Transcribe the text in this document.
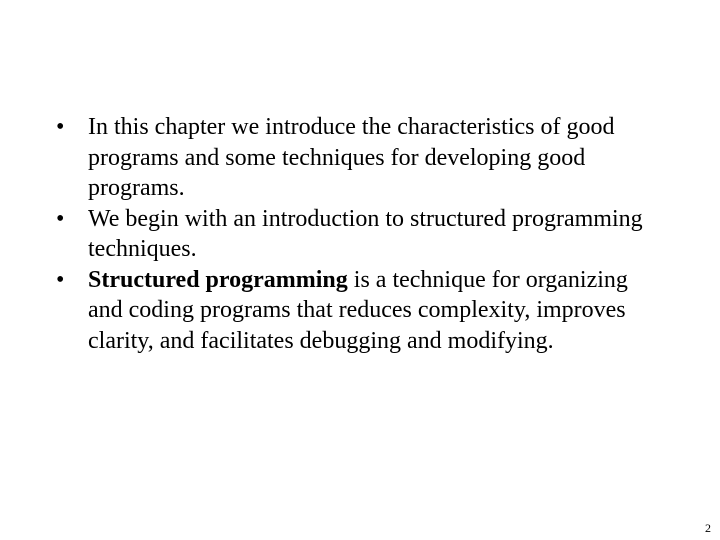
• In this chapter we introduce the characteristics of good programs and some techniques for developing good programs.
• We begin with an introduction to structured programming techniques.
• Structured programming is a technique for organizing and coding programs that reduces complexity, improves clarity, and facilitates debugging and modifying.
2
